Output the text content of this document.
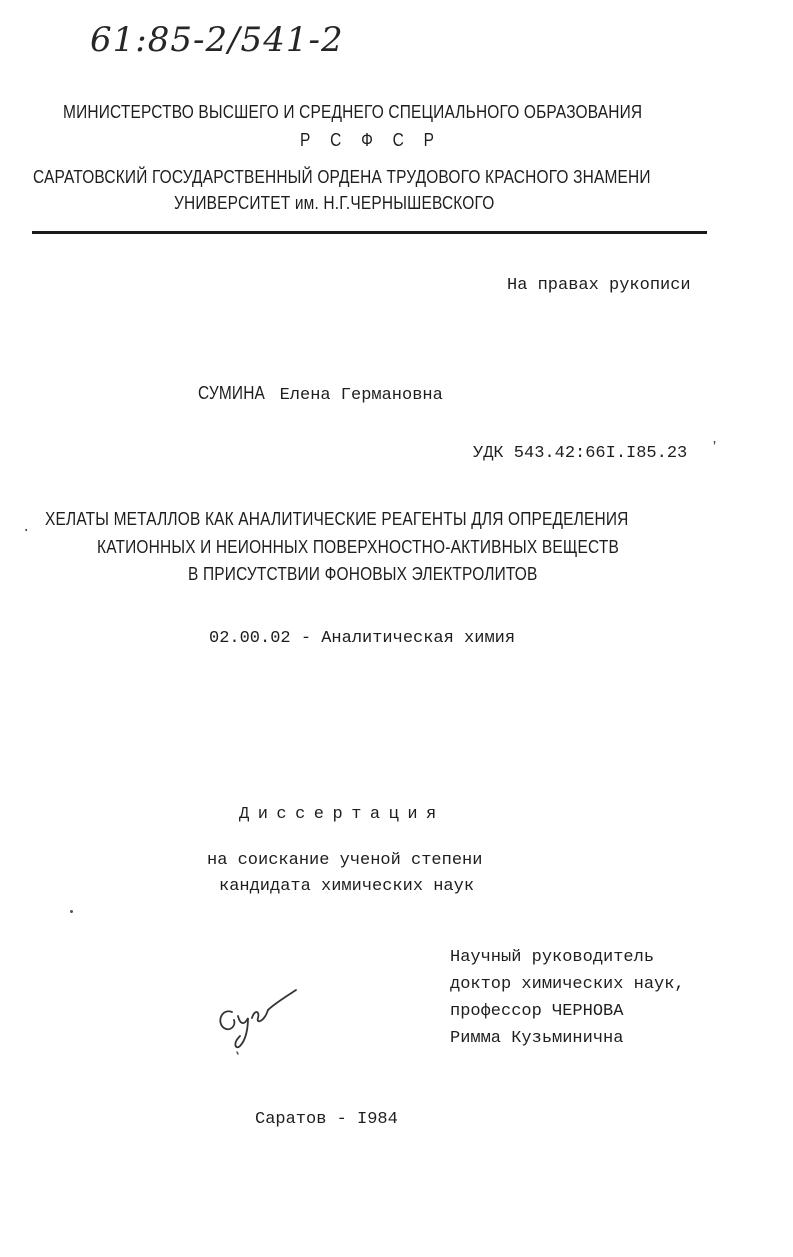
61:85-2/541-2
МИНИСТЕРСТВО ВЫСШЕГО И СРЕДНЕГО СПЕЦИАЛЬНОГО ОБРАЗОВАНИЯ
Р С Ф С Р
САРАТОВСКИЙ ГОСУДАРСТВЕННЫЙ ОРДЕНА ТРУДОВОГО КРАСНОГО ЗНАМЕНИ
УНИВЕРСИТЕТ им. Н.Г.ЧЕРНЫШЕВСКОГО
На правах рукописи
СУМИНА Елена Германовна
УДК 543.42:66I.I85.23 ʼ
·
ХЕЛАТЫ МЕТАЛЛОВ КАК АНАЛИТИЧЕСКИЕ РЕАГЕНТЫ ДЛЯ ОПРЕДЕЛЕНИЯ
КАТИОННЫХ И НЕИОННЫХ ПОВЕРХНОСТНО-АКТИВНЫХ ВЕЩЕСТВ
В ПРИСУТСТВИИ ФОНОВЫХ ЭЛЕКТРОЛИТОВ
02.00.02 - Аналитическая химия
Диссертация
на соискание ученой степени
кандидата химических наук
Научный руководитель
доктор химических наук,
профессор ЧЕРНОВА
Римма Кузьминична
Саратов - I984
